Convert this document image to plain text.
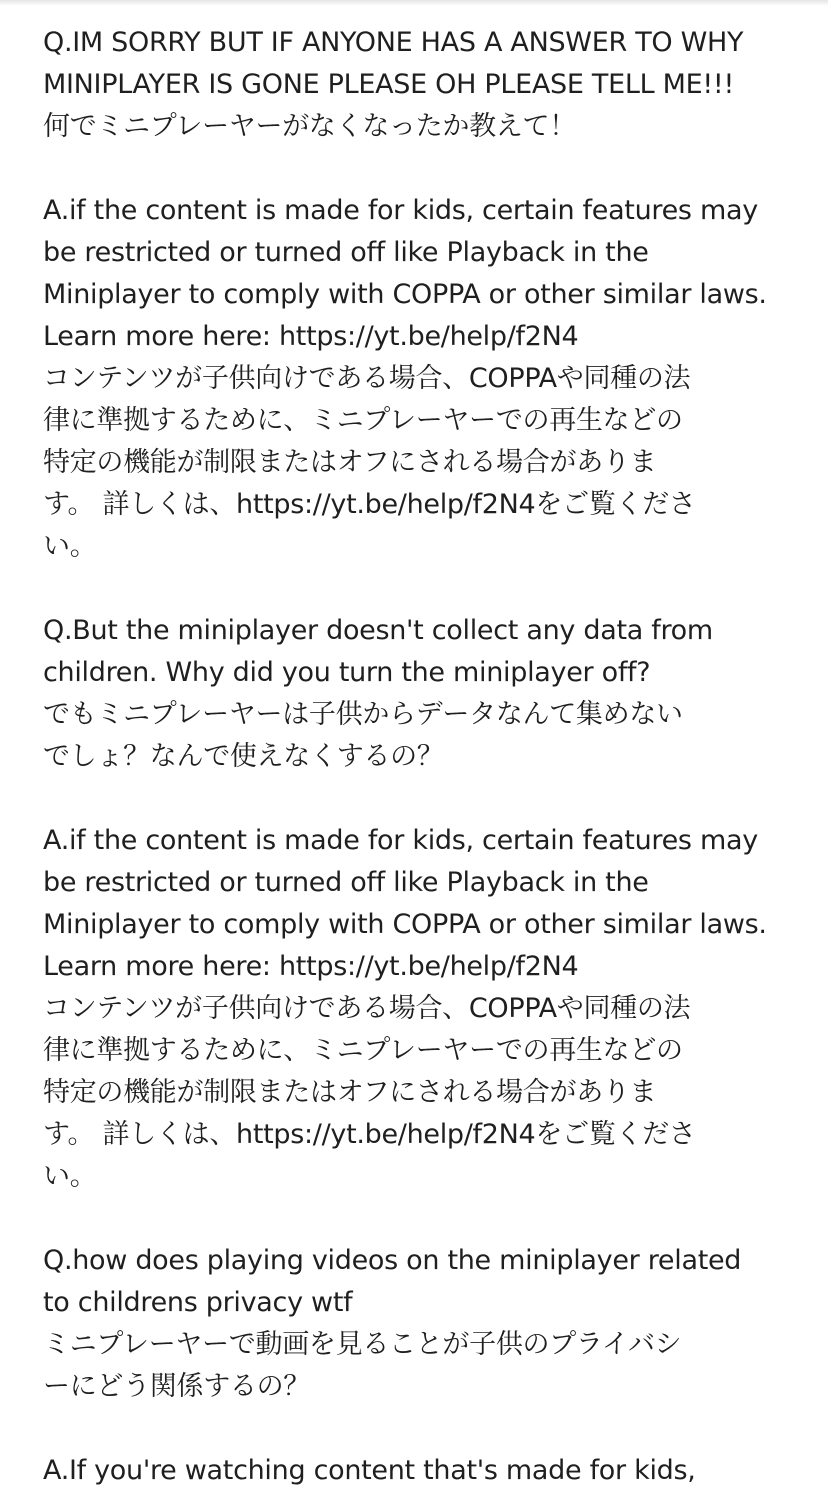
Q.IM SORRY BUT IF ANYONE HAS A ANSWER TO WHY
MINIPLAYER IS GONE PLEASE OH PLEASE TELL ME!!!
何でミニプレーヤーがなくなったか教えて！
A.if the content is made for kids, certain features may
be restricted or turned off like Playback in the
Miniplayer to comply with COPPA or other similar laws.
Learn more here: https://yt.be/help/f2N4
コンテンツが子供向けである場合、COPPAや同種の法
律に準拠するために、ミニプレーヤーでの再生などの
特定の機能が制限またはオフにされる場合がありま
す。 詳しくは、https://yt.be/help/f2N4をご覧くださ
い。
Q.But the miniplayer doesn't collect any data from
children. Why did you turn the miniplayer off?
でもミニプレーヤーは子供からデータなんて集めない
でしょ？なんで使えなくするの？
A.if the content is made for kids, certain features may
be restricted or turned off like Playback in the
Miniplayer to comply with COPPA or other similar laws.
Learn more here: https://yt.be/help/f2N4
コンテンツが子供向けである場合、COPPAや同種の法
律に準拠するために、ミニプレーヤーでの再生などの
特定の機能が制限またはオフにされる場合がありま
す。 詳しくは、https://yt.be/help/f2N4をご覧くださ
い。
Q.how does playing videos on the miniplayer related
to childrens privacy wtf
ミニプレーヤーで動画を見ることが子供のプライバシ
ーにどう関係するの？
A.If you're watching content that's made for kids,
